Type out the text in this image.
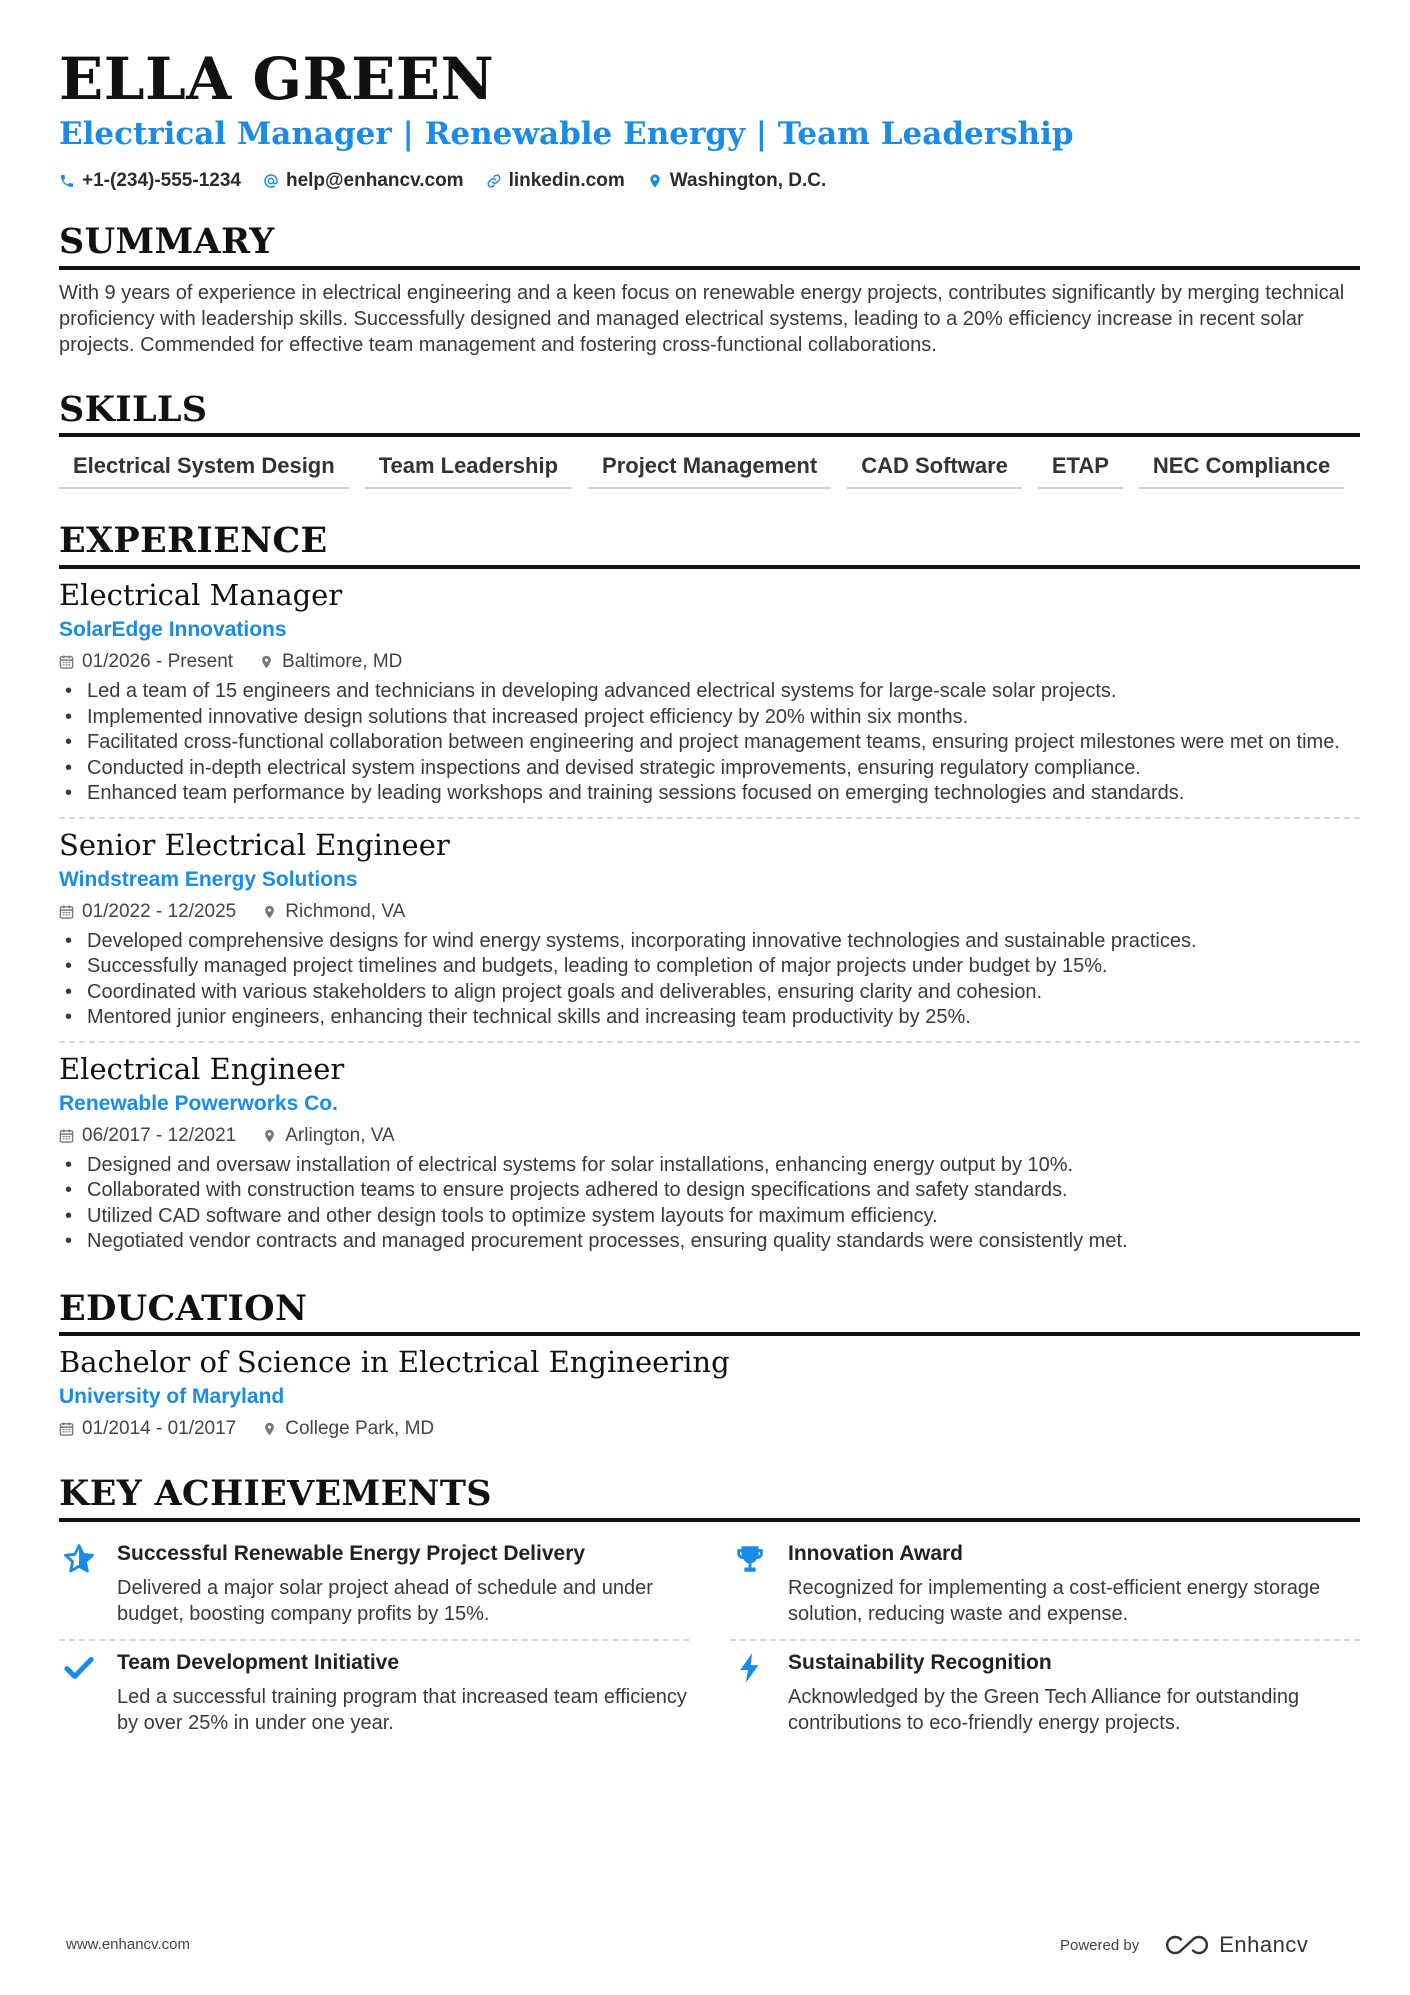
ELLA GREEN
Electrical Manager | Renewable Energy | Team Leadership
+1-(234)-555-1234 help@enhancv.com linkedin.com Washington, D.C.
SUMMARY

With 9 years of experience in electrical engineering and a keen focus on renewable energy projects, contributes significantly by merging technical proficiency with leadership skills. Successfully designed and managed electrical systems, leading to a 20% efficiency increase in recent solar projects. Commended for effective team management and fostering cross-functional collaborations.

SKILLS
Electrical System Design	Team Leadership	Project Management	CAD Software	ETAP	NEC Compliance
EXPERIENCE
Electrical Manager
SolarEdge Innovations
01/2026 - Present	Baltimore, MD
• Led a team of 15 engineers and technicians in developing advanced electrical systems for large-scale solar projects.
• Implemented innovative design solutions that increased project efficiency by 20% within six months.
• Facilitated cross-functional collaboration between engineering and project management teams, ensuring project milestones were met on time.
• Conducted in-depth electrical system inspections and devised strategic improvements, ensuring regulatory compliance.
• Enhanced team performance by leading workshops and training sessions focused on emerging technologies and standards.
Senior Electrical Engineer
Windstream Energy Solutions
01/2022 - 12/2025	Richmond, VA
• Developed comprehensive designs for wind energy systems, incorporating innovative technologies and sustainable practices.
• Successfully managed project timelines and budgets, leading to completion of major projects under budget by 15%.
• Coordinated with various stakeholders to align project goals and deliverables, ensuring clarity and cohesion.
• Mentored junior engineers, enhancing their technical skills and increasing team productivity by 25%.
Electrical Engineer
Renewable Powerworks Co.
06/2017 - 12/2021	Arlington, VA
• Designed and oversaw installation of electrical systems for solar installations, enhancing energy output by 10%.
• Collaborated with construction teams to ensure projects adhered to design specifications and safety standards.
• Utilized CAD software and other design tools to optimize system layouts for maximum efficiency.
• Negotiated vendor contracts and managed procurement processes, ensuring quality standards were consistently met.
EDUCATION
Bachelor of Science in Electrical Engineering
University of Maryland
01/2014 - 01/2017	College Park, MD
KEY ACHIEVEMENTS
Successful Renewable Energy Project Delivery
Delivered a major solar project ahead of schedule and under budget, boosting company profits by 15%.
Innovation Award
Recognized for implementing a cost-efficient energy storage solution, reducing waste and expense.
Team Development Initiative
Led a successful training program that increased team efficiency by over 25% in under one year.
Sustainability Recognition
Acknowledged by the Green Tech Alliance for outstanding contributions to eco-friendly energy projects.
www.enhancv.com	Powered by	Enhancv
